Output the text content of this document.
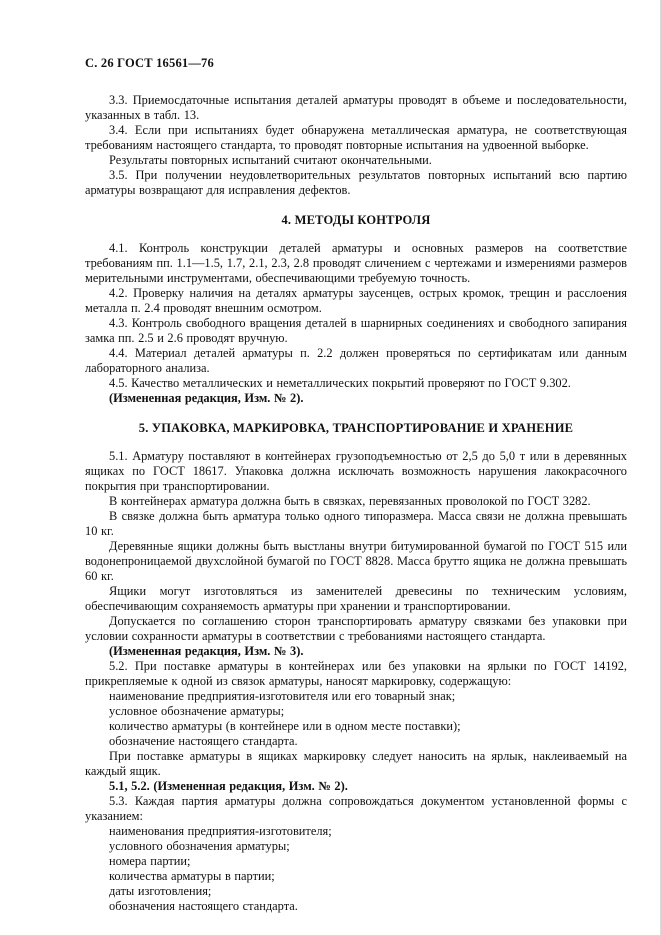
С. 26 ГОСТ 16561—76

3.3. Приемосдаточные испытания деталей арматуры проводят в объеме и последовательности, указанных в табл. 13.

3.4. Если при испытаниях будет обнаружена металлическая арматура, не соответствующая требованиям настоящего стандарта, то проводят повторные испытания на удвоенной выборке.

Результаты повторных испытаний считают окончательными.

3.5. При получении неудовлетворительных результатов повторных испытаний всю партию арматуры возвращают для исправления дефектов.

4. МЕТОДЫ КОНТРОЛЯ

4.1. Контроль конструкции деталей арматуры и основных размеров на соответствие требованиям пп. 1.1—1.5, 1.7, 2.1, 2.3, 2.8 проводят сличением с чертежами и измерениями размеров мерительными инструментами, обеспечивающими требуемую точность.

4.2. Проверку наличия на деталях арматуры заусенцев, острых кромок, трещин и расслоения металла п. 2.4 проводят внешним осмотром.

4.3. Контроль свободного вращения деталей в шарнирных соединениях и свободного запирания замка пп. 2.5 и 2.6 проводят вручную.

4.4. Материал деталей арматуры п. 2.2 должен проверяться по сертификатам или данным лабораторного анализа.

4.5. Качество металлических и неметаллических покрытий проверяют по ГОСТ 9.302.

(Измененная редакция, Изм. № 2).

5. УПАКОВКА, МАРКИРОВКА, ТРАНСПОРТИРОВАНИЕ И ХРАНЕНИЕ

5.1. Арматуру поставляют в контейнерах грузоподъемностью от 2,5 до 5,0 т или в деревянных ящиках по ГОСТ 18617. Упаковка должна исключать возможность нарушения лакокрасочного покрытия при транспортировании.

В контейнерах арматура должна быть в связках, перевязанных проволокой по ГОСТ 3282.

В связке должна быть арматура только одного типоразмера. Масса связи не должна превышать 10 кг.

Деревянные ящики должны быть выстланы внутри битумированной бумагой по ГОСТ 515 или водонепроницаемой двухслойной бумагой по ГОСТ 8828. Масса брутто ящика не должна превышать 60 кг.

Ящики могут изготовляться из заменителей древесины по техническим условиям, обеспечивающим сохраняемость арматуры при хранении и транспортировании.

Допускается по соглашению сторон транспортировать арматуру связками без упаковки при условии сохранности арматуры в соответствии с требованиями настоящего стандарта.

(Измененная редакция, Изм. № 3).

5.2. При поставке арматуры в контейнерах или без упаковки на ярлыки по ГОСТ 14192, прикрепляемые к одной из связок арматуры, наносят маркировку, содержащую:

наименование предприятия-изготовителя или его товарный знак;

условное обозначение арматуры;

количество арматуры (в контейнере или в одном месте поставки);

обозначение настоящего стандарта.

При поставке арматуры в ящиках маркировку следует наносить на ярлык, наклеиваемый на каждый ящик.

5.1, 5.2. (Измененная редакция, Изм. № 2).

5.3. Каждая партия арматуры должна сопровождаться документом установленной формы с указанием:

наименования предприятия-изготовителя;

условного обозначения арматуры;

номера партии;

количества арматуры в партии;

даты изготовления;

обозначения настоящего стандарта.
